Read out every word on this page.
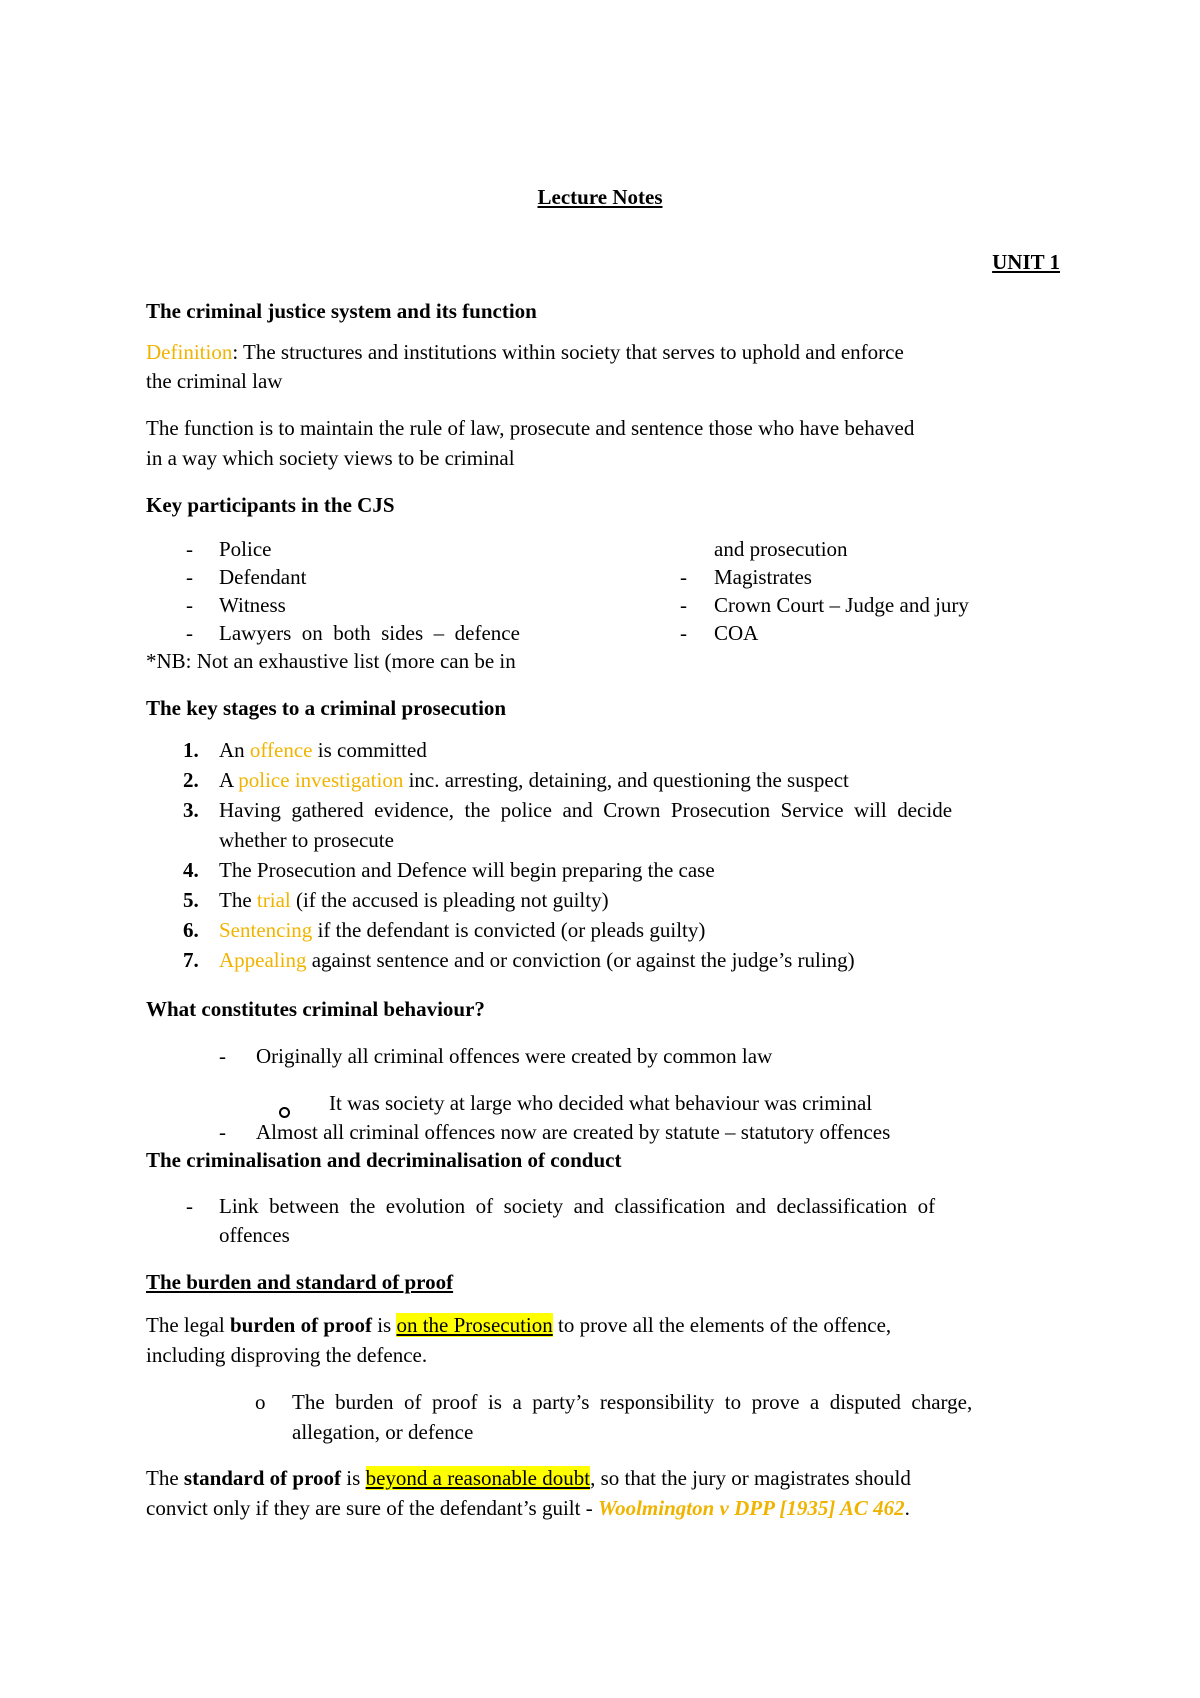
Lecture Notes
UNIT 1
The criminal justice system and its function
Definition: The structures and institutions within society that serves to uphold and enforce
the criminal law
The function is to maintain the rule of law, prosecute and sentence those who have behaved
in a way which society views to be criminal
Key participants in the CJS
- Police
- Defendant
- Witness
- Lawyers  on  both  sides  –  defence
*NB: Not an exhaustive list (more can be in
and prosecution
- Magistrates
- Crown Court – Judge and jury
- COA
The key stages to a criminal prosecution
1. An offence is committed
2. A police investigation inc. arresting, detaining, and questioning the suspect
3. Having  gathered  evidence,  the  police  and  Crown  Prosecution  Service  will  decide
whether to prosecute
4. The Prosecution and Defence will begin preparing the case
5. The trial (if the accused is pleading not guilty)
6. Sentencing if the defendant is convicted (or pleads guilty)
7. Appealing against sentence and or conviction (or against the judge’s ruling)
What constitutes criminal behaviour?
- Originally all criminal offences were created by common law
It was society at large who decided what behaviour was criminal
- Almost all criminal offences now are created by statute – statutory offences
The criminalisation and decriminalisation of conduct
- Link  between  the  evolution  of  society  and  classification  and  declassification  of
offences
The burden and standard of proof
The legal burden of proof is on the Prosecution to prove all the elements of the offence,
including disproving the defence.
o The  burden  of  proof  is  a  party’s  responsibility  to  prove  a  disputed  charge,
allegation, or defence
The standard of proof is beyond a reasonable doubt, so that the jury or magistrates should
convict only if they are sure of the defendant’s guilt - Woolmington v DPP [1935] AC 462.
